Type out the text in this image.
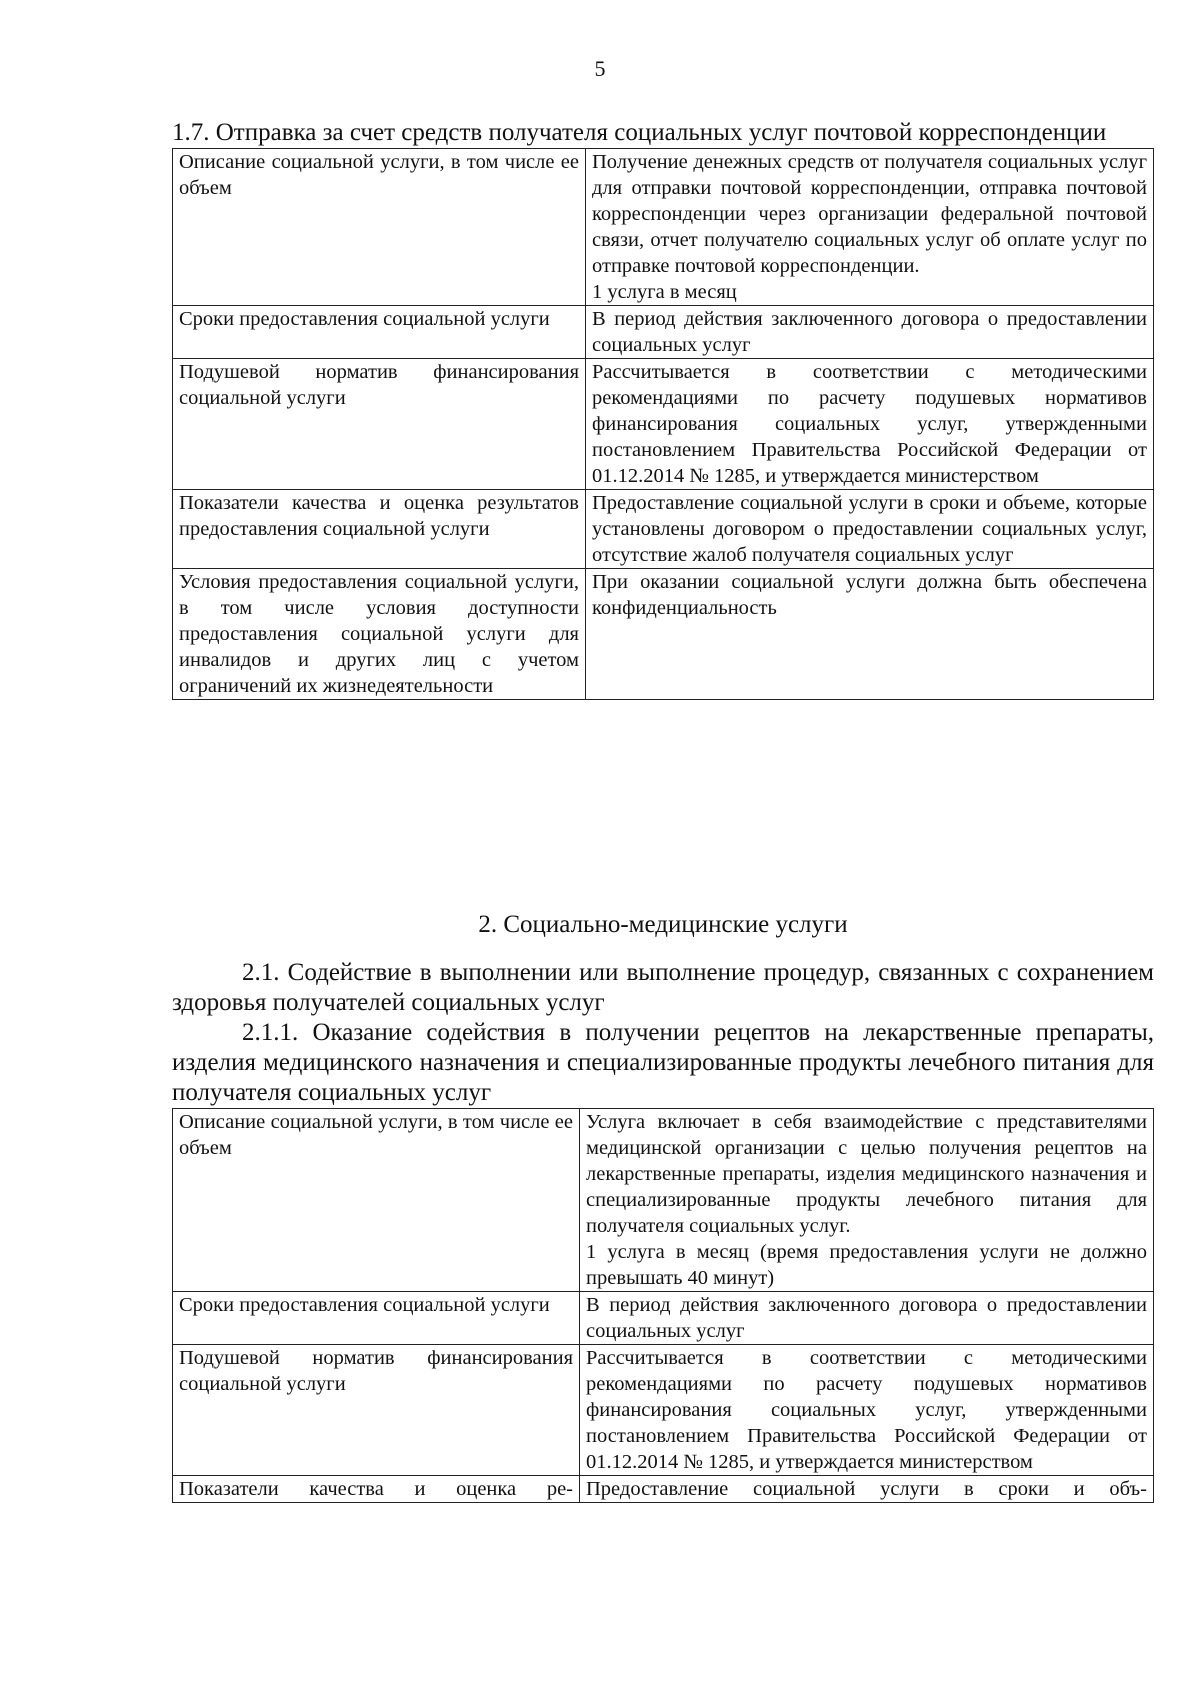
5
1.7. Отправка за счет средств получателя социальных услуг почтовой корреспонденции
Описание социальной услуги, в том числе ее объем	Получение денежных средств от получателя социальных услуг для отправки почтовой корреспонденции, отправка почтовой корреспонденции через организации федеральной почтовой связи, отчет получателю социальных услуг об оплате услуг по отправке почтовой корреспонденции.
1 услуга в месяц

Сроки предоставления социальной услуги	В период действия заключенного договора о предоставлении социальных услуг
Подушевой норматив финансирования социальной услуги	Рассчитывается в соответствии с методическими рекомендациями по расчету подушевых нормативов финансирования социальных услуг, утвержденными постановлением Правительства Российской Федерации от 01.12.2014 № 1285, и утверждается министерством
Показатели качества и оценка результатов предоставления социальной услуги	Предоставление социальной услуги в сроки и объеме, которые установлены договором о предоставлении социальных услуг, отсутствие жалоб получателя социальных услуг
Условия предоставления социальной услуги, в том числе условия доступности предоставления социальной услуги для инвалидов и других лиц с учетом ограничений их жизнедеятельности	При оказании социальной услуги должна быть обеспечена конфиденциальность
2. Социально-медицинские услуги
2.1. Содействие в выполнении или выполнение процедур, связанных с сохранением здоровья получателей социальных услуг
2.1.1. Оказание содействия в получении рецептов на лекарственные препараты, изделия медицинского назначения и специализированные продукты лечебного питания для получателя социальных услуг
Описание социальной услуги, в том числе ее объем	Услуга включает в себя взаимодействие с представителями медицинской организации с целью получения рецептов на лекарственные препараты, изделия медицинского назначения и специализированные продукты лечебного питания для получателя социальных услуг.
1 услуга в месяц (время предоставления услуги не должно превышать 40 минут)

Сроки предоставления социальной услуги	В период действия заключенного договора о предоставлении социальных услуг
Подушевой норматив финансирования социальной услуги	Рассчитывается в соответствии с методическими рекомендациями по расчету подушевых нормативов финансирования социальных услуг, утвержденными постановлением Правительства Российской Федерации от 01.12.2014 № 1285, и утверждается министерством
Показатели качества и оценка ре-	Предоставление социальной услуги в сроки и объ-
